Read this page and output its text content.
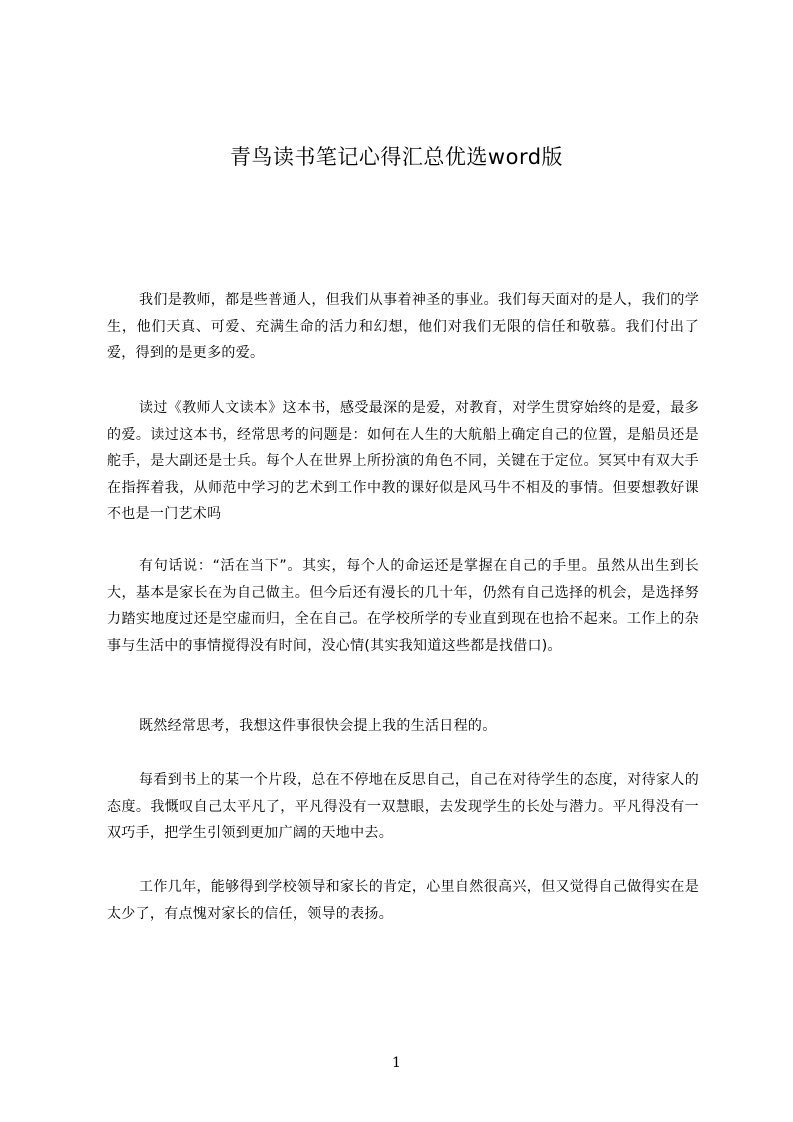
青鸟读书笔记心得汇总优选word版

我们是教师，都是些普通人，但我们从事着神圣的事业。我们每天面对的是人，我们的学生，他们天真、可爱、充满生命的活力和幻想，他们对我们无限的信任和敬慕。我们付出了爱，得到的是更多的爱。

读过《教师人文读本》这本书，感受最深的是爱，对教育，对学生贯穿始终的是爱，最多的爱。读过这本书，经常思考的问题是：如何在人生的大航船上确定自己的位置，是船员还是舵手，是大副还是士兵。每个人在世界上所扮演的角色不同，关键在于定位。冥冥中有双大手在指挥着我，从师范中学习的艺术到工作中教的课好似是风马牛不相及的事情。但要想教好课不也是一门艺术吗

有句话说：“活在当下”。其实，每个人的命运还是掌握在自己的手里。虽然从出生到长大，基本是家长在为自己做主。但今后还有漫长的几十年，仍然有自己选择的机会，是选择努力踏实地度过还是空虚而归，全在自己。在学校所学的专业直到现在也拾不起来。工作上的杂事与生活中的事情搅得没有时间，没心情(其实我知道这些都是找借口)。

既然经常思考，我想这件事很快会提上我的生活日程的。

每看到书上的某一个片段，总在不停地在反思自己，自己在对待学生的态度，对待家人的态度。我慨叹自己太平凡了，平凡得没有一双慧眼，去发现学生的长处与潜力。平凡得没有一双巧手，把学生引领到更加广阔的天地中去。

工作几年，能够得到学校领导和家长的肯定，心里自然很高兴，但又觉得自己做得实在是太少了，有点愧对家长的信任，领导的表扬。

1
